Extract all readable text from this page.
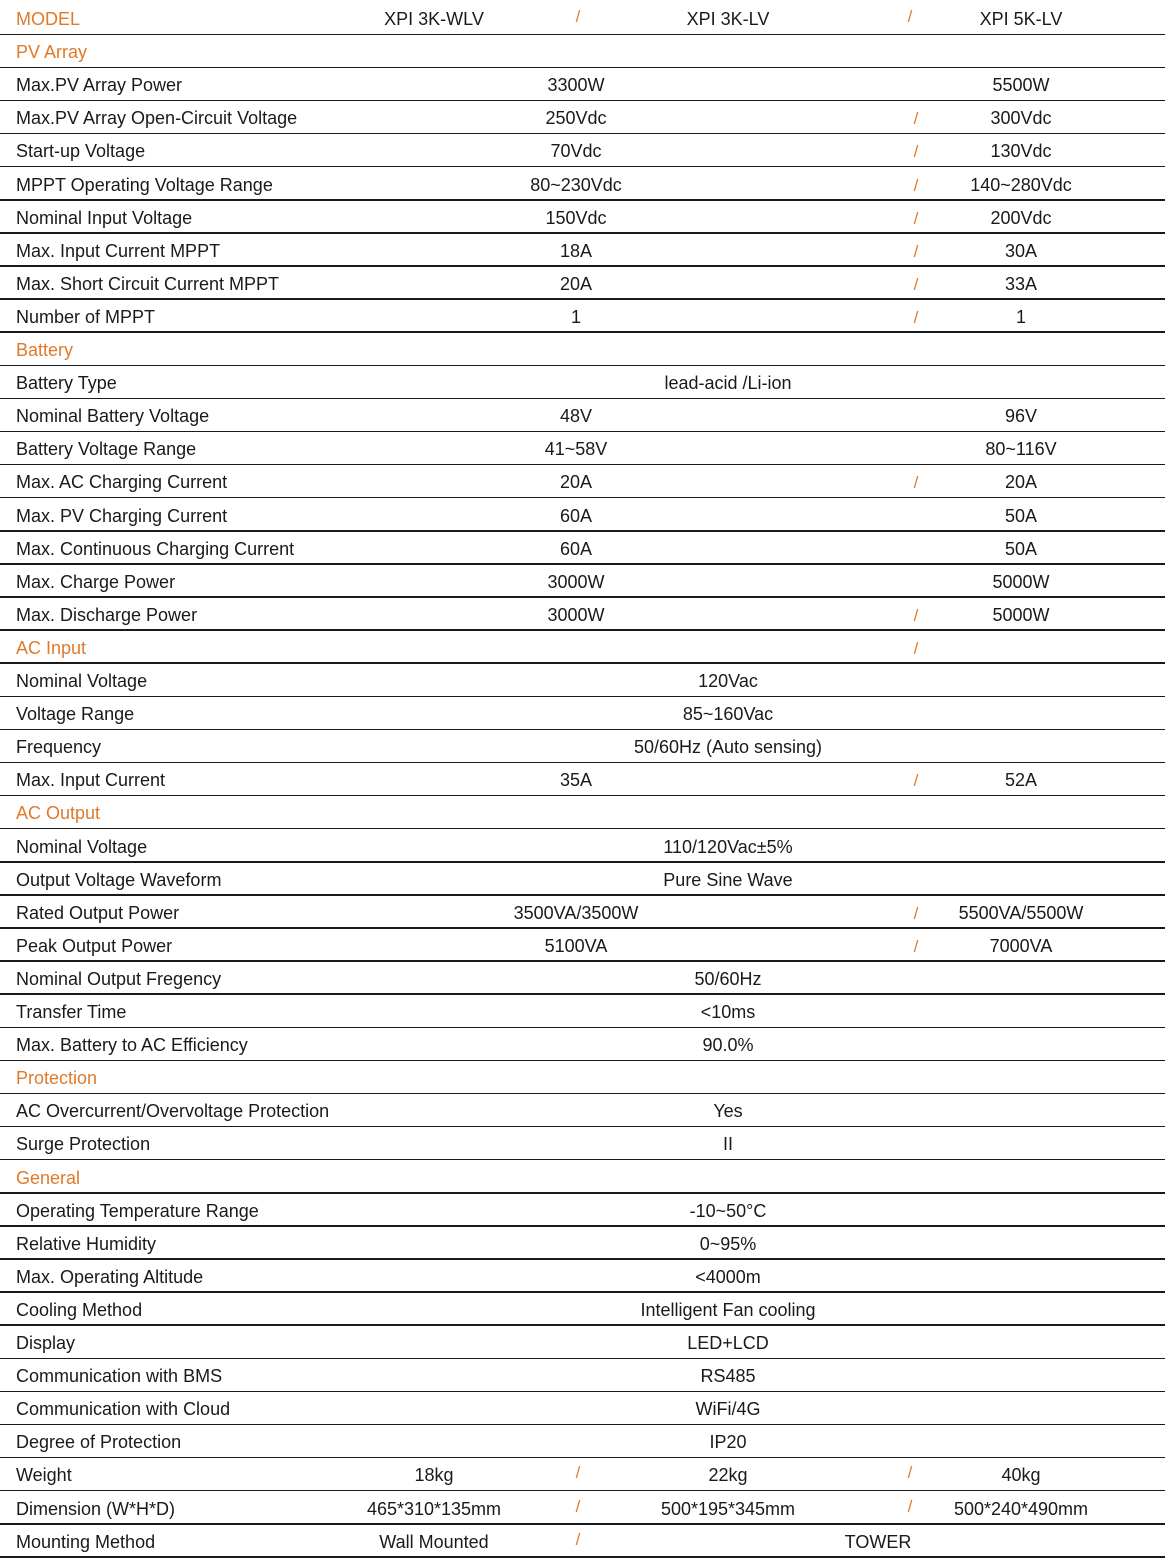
MODEL	XPI 3K-WLV	XPI 3K-LV	XPI 5K-LV
/	/
PV Array
Max.PV Array Power	3300W	5500W
Max.PV Array Open-Circuit Voltage	250Vdc	300Vdc
/
Start-up Voltage	70Vdc	130Vdc
/
MPPT Operating Voltage Range	80~230Vdc	140~280Vdc
/
Nominal Input Voltage	150Vdc	200Vdc
/
Max. Input Current MPPT	18A	30A
/
Max. Short Circuit Current MPPT	20A	33A
/
Number of MPPT	1	1
/
Battery
Battery Type	lead-acid /Li-ion
Nominal Battery Voltage	48V	96V
Battery Voltage Range	41~58V	80~116V
Max. AC Charging Current	20A	20A
/
Max. PV Charging Current	60A	50A
Max. Continuous Charging Current	60A	50A
Max. Charge Power	3000W	5000W
Max. Discharge Power	3000W	5000W
/
AC Input	/
Nominal Voltage	120Vac
Voltage Range	85~160Vac
Frequency	50/60Hz (Auto sensing)
Max. Input Current	35A	52A
/
AC Output
Nominal Voltage	110/120Vac±5%
Output Voltage Waveform	Pure Sine Wave
Rated Output Power	3500VA/3500W	5500VA/5500W
/
Peak Output Power	5100VA	7000VA
/
Nominal Output Fregency	50/60Hz
Transfer Time	<10ms
Max. Battery to AC Efficiency	90.0%
Protection
AC Overcurrent/Overvoltage Protection	Yes
Surge Protection	II
General
Operating Temperature Range	-10~50°C
Relative Humidity	0~95%
Max. Operating Altitude	<4000m
Cooling Method	Intelligent Fan cooling
Display	LED+LCD
Communication with BMS	RS485
Communication with Cloud	WiFi/4G
Degree of Protection	IP20
Weight	18kg	22kg	40kg
/	/
Dimension (W*H*D)	465*310*135mm	500*195*345mm	500*240*490mm
/	/
Mounting Method	Wall Mounted	TOWER
/
